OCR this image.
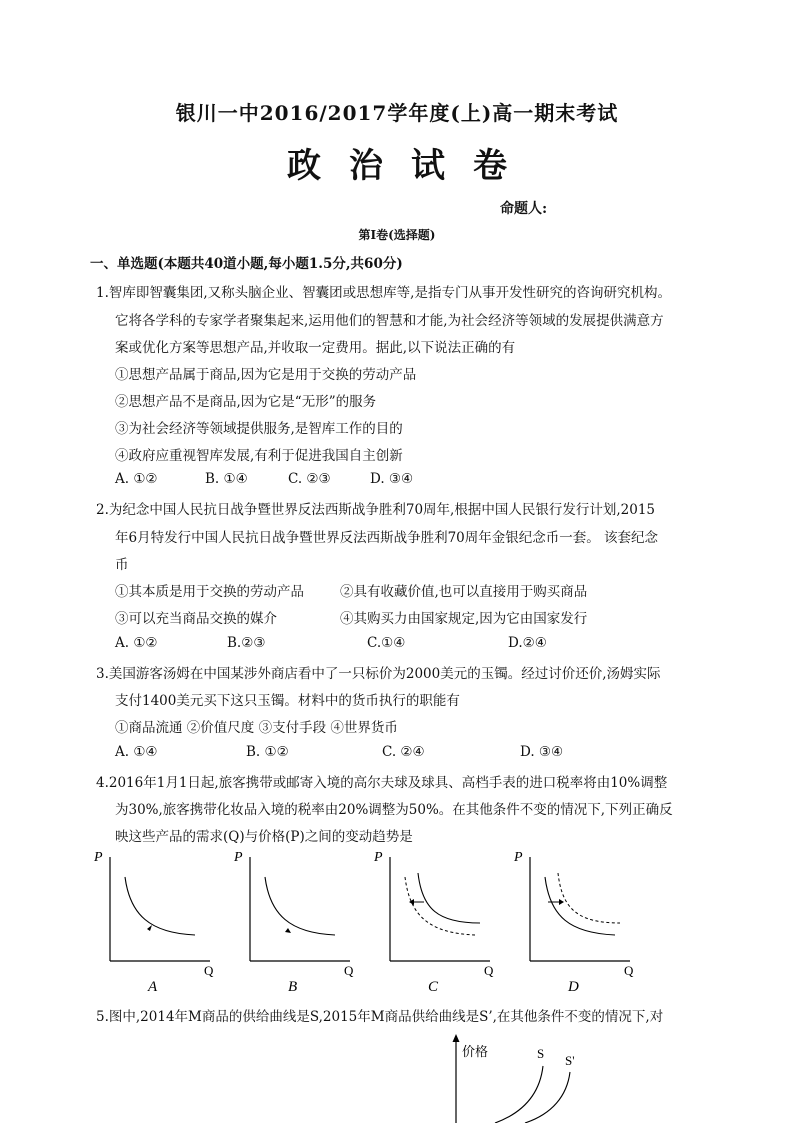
银川一中2016/2017学年度(上)高一期末考试
政治试卷
命题人:
第Ⅰ卷(选择题)
一、单选题(本题共40道小题,每小题1.5分,共60分)
1.智库即智囊集团,又称头脑企业、智囊团或思想库等,是指专门从事开发性研究的咨询研究机构。
它将各学科的专家学者聚集起来,运用他们的智慧和才能,为社会经济等领域的发展提供满意方
案或优化方案等思想产品,并收取一定费用。据此,以下说法正确的有
①思想产品属于商品,因为它是用于交换的劳动产品
②思想产品不是商品,因为它是“无形”的服务
③为社会经济等领域提供服务,是智库工作的目的
④政府应重视智库发展,有利于促进我国自主创新
A. ①②	B. ①④	C. ②③	D. ③④
2.为纪念中国人民抗日战争暨世界反法西斯战争胜利70周年,根据中国人民银行发行计划,2015
年6月特发行中国人民抗日战争暨世界反法西斯战争胜利70周年金银纪念币一套。 该套纪念
币
①其本质是用于交换的劳动产品	②具有收藏价值,也可以直接用于购买商品
③可以充当商品交换的媒介	④其购买力由国家规定,因为它由国家发行
A. ①②	B.②③	C.①④	D.②④
3.美国游客汤姆在中国某涉外商店看中了一只标价为2000美元的玉镯。经过讨价还价,汤姆实际
支付1400美元买下这只玉镯。材料中的货币执行的职能有
①商品流通 ②价值尺度 ③支付手段 ④世界货币
A. ①④	B. ①②	C. ②④	D. ③④
4.2016年1月1日起,旅客携带或邮寄入境的高尔夫球及球具、高档手表的进口税率将由10%调整
为30%,旅客携带化妆品入境的税率由20%调整为50%。在其他条件不变的情况下,下列正确反
映这些产品的需求(Q)与价格(P)之间的变动趋势是
P
Q
A
P
Q
B
P
Q
C
P
Q
D
5.图中,2014年M商品的供给曲线是S,2015年M商品供给曲线是S’,在其他条件不变的情况下,对
价格	S S'
